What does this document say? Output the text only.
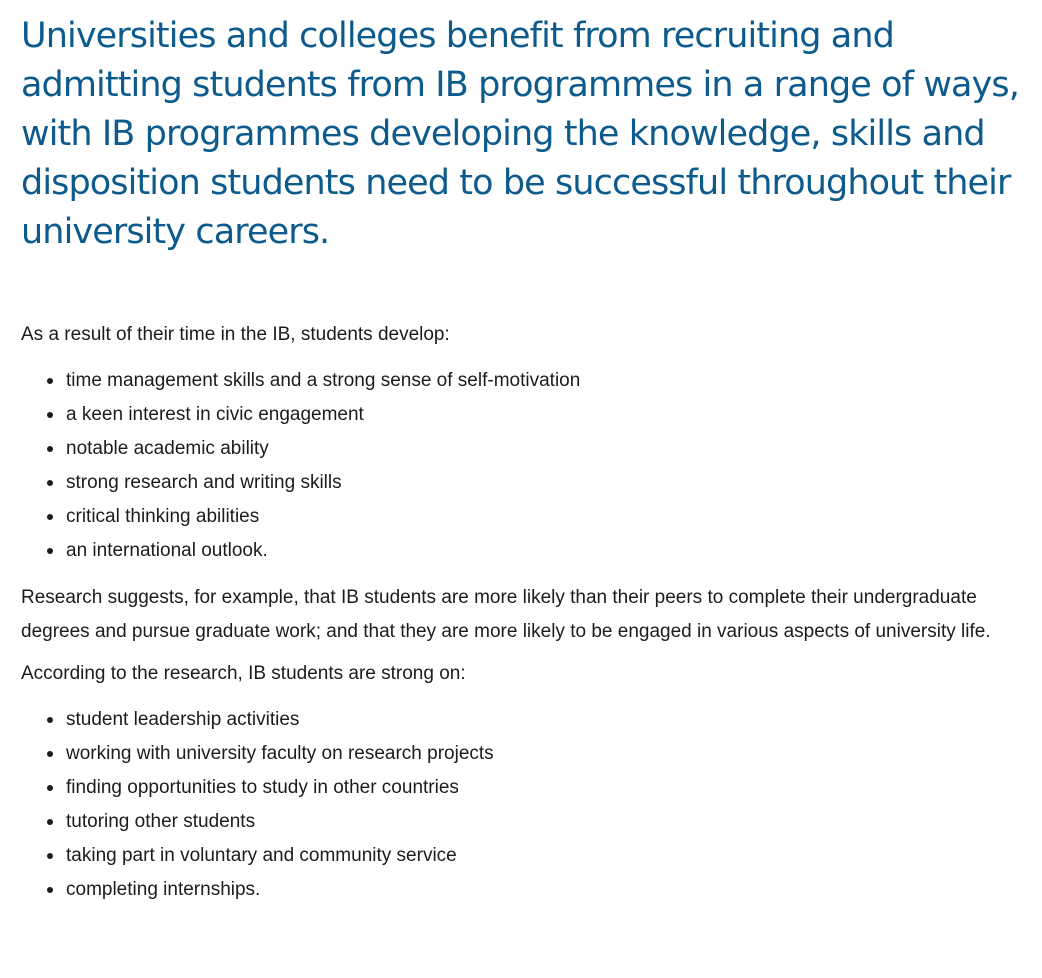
Universities and colleges benefit from recruiting and admitting students from IB programmes in a range of ways, with IB programmes developing the knowledge, skills and disposition students need to be successful throughout their university careers.

As a result of their time in the IB, students develop:

time management skills and a strong sense of self-motivation
a keen interest in civic engagement
notable academic ability
strong research and writing skills
critical thinking abilities
an international outlook.

Research suggests, for example, that IB students are more likely than their peers to complete their undergraduate degrees and pursue graduate work; and that they are more likely to be engaged in various aspects of university life.

According to the research, IB students are strong on:

student leadership activities
working with university faculty on research projects
finding opportunities to study in other countries
tutoring other students
taking part in voluntary and community service
completing internships.
